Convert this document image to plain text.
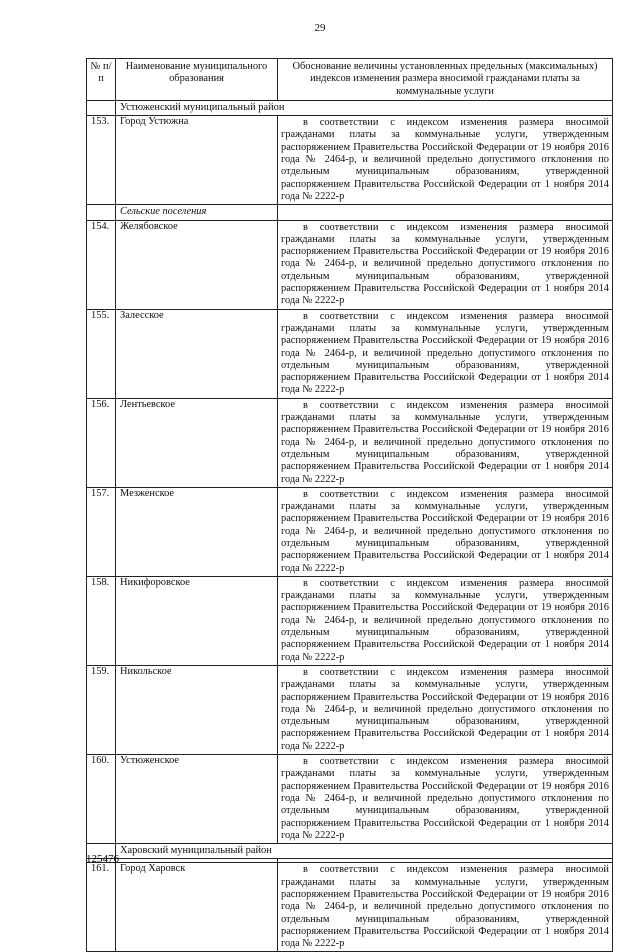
29
№ п/п	Наименование муниципального образования	Обоснование величины установленных предельных (максимальных) индексов изменения размера вносимой гражданами платы за коммунальные услуги
	Устюженский муниципальный район	
153.	Город Устюжна	в соответствии с индексом изменения размера вносимой гражданами платы за коммунальные услуги, утвержденным распоряжением Правительства Российской Федерации от 19 ноября 2016 года № 2464-р, и величиной предельно допустимого отклонения по отдельным муниципальным образованиям, утвержденной распоряжением Правительства Российской Федерации от 1 ноября 2014 года № 2222-р
	Сельские поселения	
154.	Желябовское	в соответствии с индексом изменения размера вносимой гражданами платы за коммунальные услуги, утвержденным распоряжением Правительства Российской Федерации от 19 ноября 2016 года № 2464-р, и величиной предельно допустимого отклонения по отдельным муниципальным образованиям, утвержденной распоряжением Правительства Российской Федерации от 1 ноября 2014 года № 2222-р
155.	Залесское	в соответствии с индексом изменения размера вносимой гражданами платы за коммунальные услуги, утвержденным распоряжением Правительства Российской Федерации от 19 ноября 2016 года № 2464-р, и величиной предельно допустимого отклонения по отдельным муниципальным образованиям, утвержденной распоряжением Правительства Российской Федерации от 1 ноября 2014 года № 2222-р
156.	Лентьевское	в соответствии с индексом изменения размера вносимой гражданами платы за коммунальные услуги, утвержденным распоряжением Правительства Российской Федерации от 19 ноября 2016 года № 2464-р, и величиной предельно допустимого отклонения по отдельным муниципальным образованиям, утвержденной распоряжением Правительства Российской Федерации от 1 ноября 2014 года № 2222-р
157.	Мезженское	в соответствии с индексом изменения размера вносимой гражданами платы за коммунальные услуги, утвержденным распоряжением Правительства Российской Федерации от 19 ноября 2016 года № 2464-р, и величиной предельно допустимого отклонения по отдельным муниципальным образованиям, утвержденной распоряжением Правительства Российской Федерации от 1 ноября 2014 года № 2222-р
158.	Никифоровское	в соответствии с индексом изменения размера вносимой гражданами платы за коммунальные услуги, утвержденным распоряжением Правительства Российской Федерации от 19 ноября 2016 года № 2464-р, и величиной предельно допустимого отклонения по отдельным муниципальным образованиям, утвержденной распоряжением Правительства Российской Федерации от 1 ноября 2014 года № 2222-р
159.	Никольское	в соответствии с индексом изменения размера вносимой гражданами платы за коммунальные услуги, утвержденным распоряжением Правительства Российской Федерации от 19 ноября 2016 года № 2464-р, и величиной предельно допустимого отклонения по отдельным муниципальным образованиям, утвержденной распоряжением Правительства Российской Федерации от 1 ноября 2014 года № 2222-р
160.	Устюженское	в соответствии с индексом изменения размера вносимой гражданами платы за коммунальные услуги, утвержденным распоряжением Правительства Российской Федерации от 19 ноября 2016 года № 2464-р, и величиной предельно допустимого отклонения по отдельным муниципальным образованиям, утвержденной распоряжением Правительства Российской Федерации от 1 ноября 2014 года № 2222-р
	Харовский муниципальный район	

161.	Город Харовск	в соответствии с индексом изменения размера вносимой гражданами платы за коммунальные услуги, утвержденным распоряжением Правительства Российской Федерации от 19 ноября 2016 года № 2464-р, и величиной предельно допустимого отклонения по отдельным муниципальным образованиям, утвержденной распоряжением Правительства Российской Федерации от 1 ноября 2014 года № 2222-р
125476
